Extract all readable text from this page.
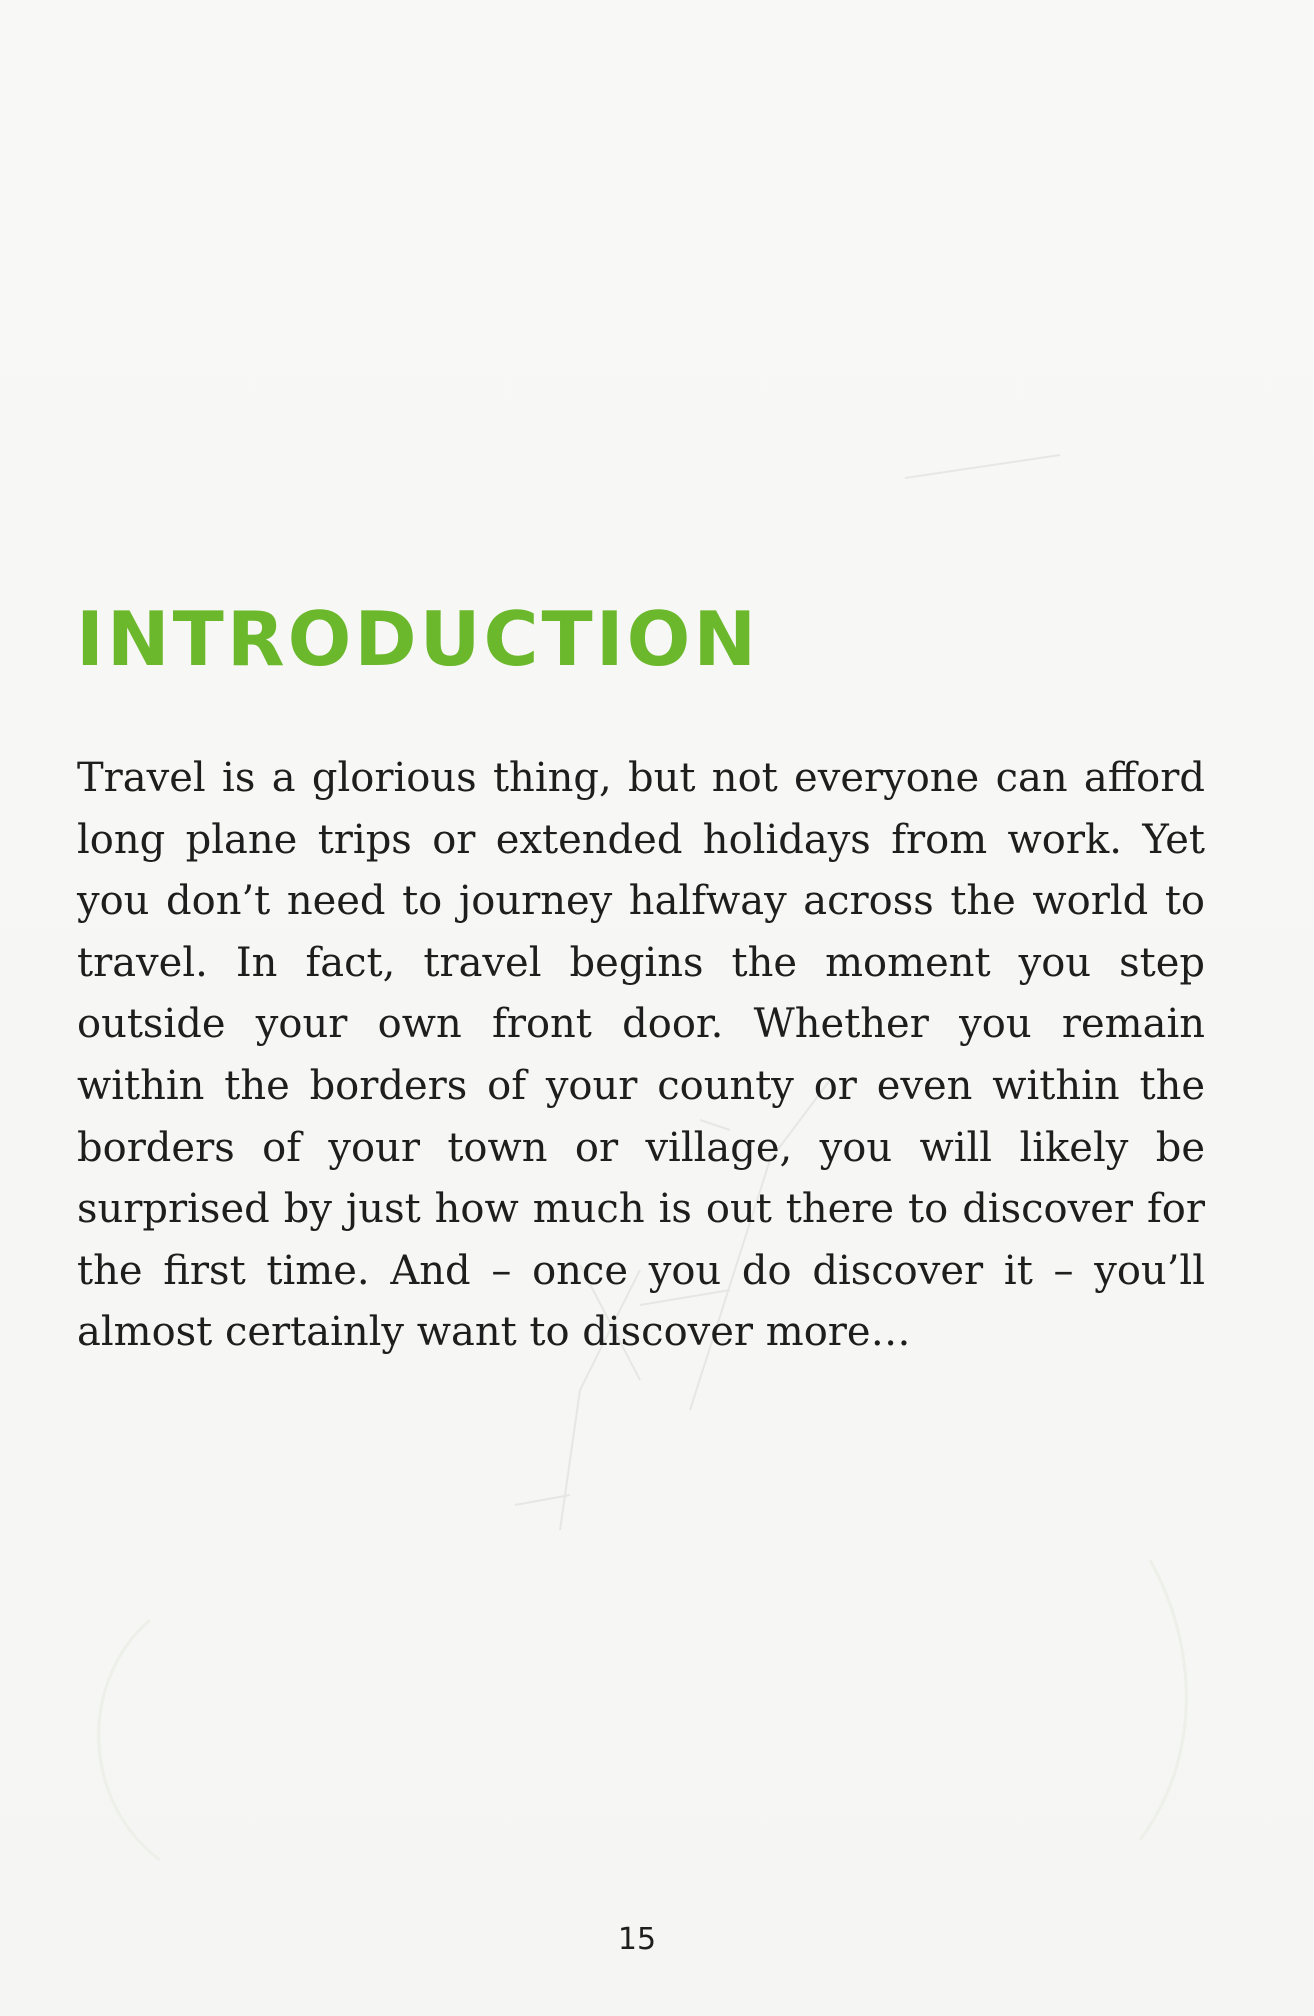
INTRODUCTION

Travel is a glorious thing, but not everyone can afford long plane trips or extended holidays from work. Yet you don’t need to journey halfway across the world to travel. In fact, travel begins the moment you step outside your own front door. Whether you remain within the borders of your county or even within the borders of your town or village, you will likely be surprised by just how much is out there to discover for the first time. And – once you do discover it – you’ll almost certainly want to discover more…

15
